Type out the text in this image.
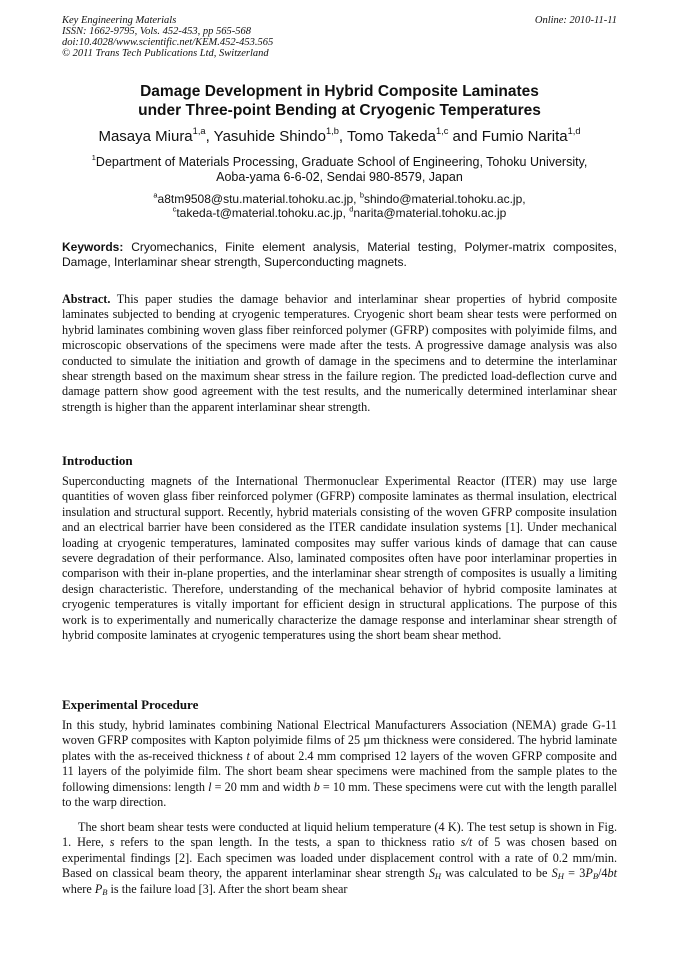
Key Engineering Materials
ISSN: 1662-9795, Vols. 452-453, pp 565-568
doi:10.4028/www.scientific.net/KEM.452-453.565
© 2011 Trans Tech Publications Ltd, Switzerland
Online: 2010-11-11
Damage Development in Hybrid Composite Laminates
under Three-point Bending at Cryogenic Temperatures
Masaya Miura$^{1,a}$, Yasuhide Shindo$^{1,b}$, Tomo Takeda$^{1,c}$ and Fumio Narita$^{1,d}$
$^1$Department of Materials Processing, Graduate School of Engineering, Tohoku University,
Aoba-yama 6-6-02, Sendai 980-8579, Japan
$^a$a8tm9508@stu.material.tohoku.ac.jp, $^b$shindo@material.tohoku.ac.jp,
$^c$takeda-t@material.tohoku.ac.jp, $^d$narita@material.tohoku.ac.jp
Keywords: Cryomechanics, Finite element analysis, Material testing, Polymer-matrix composites, Damage, Interlaminar shear strength, Superconducting magnets.
Abstract. This paper studies the damage behavior and interlaminar shear properties of hybrid composite laminates subjected to bending at cryogenic temperatures. Cryogenic short beam shear tests were performed on hybrid laminates combining woven glass fiber reinforced polymer (GFRP) composites with polyimide films, and microscopic observations of the specimens were made after the tests. A progressive damage analysis was also conducted to simulate the initiation and growth of damage in the specimens and to determine the interlaminar shear strength based on the maximum shear stress in the failure region. The predicted load-deflection curve and damage pattern show good agreement with the test results, and the numerically determined interlaminar shear strength is higher than the apparent interlaminar shear strength.
Introduction
Superconducting magnets of the International Thermonuclear Experimental Reactor (ITER) may use large quantities of woven glass fiber reinforced polymer (GFRP) composite laminates as thermal insulation, electrical insulation and structural support. Recently, hybrid materials consisting of the woven GFRP composite insulation and an electrical barrier have been considered as the ITER candidate insulation systems [1]. Under mechanical loading at cryogenic temperatures, laminated composites may suffer various kinds of damage that can cause severe degradation of their performance. Also, laminated composites often have poor interlaminar properties in comparison with their in-plane properties, and the interlaminar shear strength of composites is usually a limiting design characteristic. Therefore, understanding of the mechanical behavior of hybrid composite laminates at cryogenic temperatures is vitally important for efficient design in structural applications. The purpose of this work is to experimentally and numerically characterize the damage response and interlaminar shear strength of hybrid composite laminates at cryogenic temperatures using the short beam shear method.
Experimental Procedure
In this study, hybrid laminates combining National Electrical Manufacturers Association (NEMA) grade G-11 woven GFRP composites with Kapton polyimide films of 25 µm thickness were considered. The hybrid laminate plates with the as-received thickness t of about 2.4 mm comprised 12 layers of the woven GFRP composite and 11 layers of the polyimide film. The short beam shear specimens were machined from the sample plates to the following dimensions: length l = 20 mm and width b = 10 mm. These specimens were cut with the length parallel to the warp direction.
The short beam shear tests were conducted at liquid helium temperature (4 K). The test setup is shown in Fig. 1. Here, s refers to the span length. In the tests, a span to thickness ratio s/t of 5 was chosen based on experimental findings [2]. Each specimen was loaded under displacement control with a rate of 0.2 mm/min. Based on classical beam theory, the apparent interlaminar shear strength $S_H$ was calculated to be $S_H = 3P_B/4bt$ where $P_B$ is the failure load [3]. After the short beam shear
